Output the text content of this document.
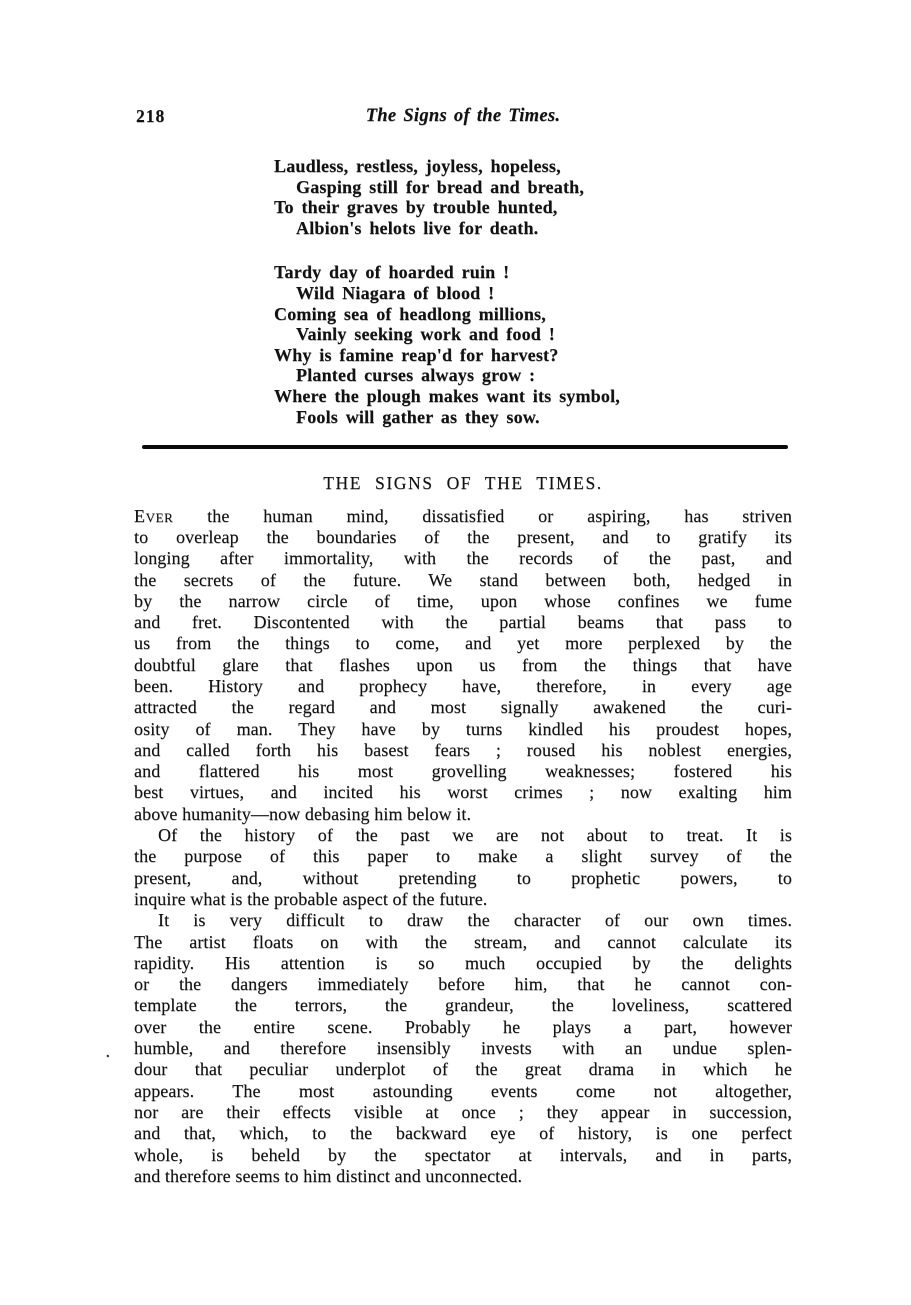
218	The Signs of the Times.
Laudless, restless, joyless, hopeless,
Gasping still for bread and breath,
To their graves by trouble hunted,
Albion's helots live for death.
Tardy day of hoarded ruin !
Wild Niagara of blood !
Coming sea of headlong millions,
Vainly seeking work and food !
Why is famine reap'd for harvest?
Planted curses always grow :
Where the plough makes want its symbol,
Fools will gather as they sow.
THE SIGNS OF THE TIMES.
Ever the human mind, dissatisfied or aspiring, has striven
to overleap the boundaries of the present, and to gratify its
longing after immortality, with the records of the past, and
the secrets of the future. We stand between both, hedged in
by the narrow circle of time, upon whose confines we fume
and fret. Discontented with the partial beams that pass to
us from the things to come, and yet more perplexed by the
doubtful glare that flashes upon us from the things that have
been. History and prophecy have, therefore, in every age
attracted the regard and most signally awakened the curi-
osity of man. They have by turns kindled his proudest hopes,
and called forth his basest fears ; roused his noblest energies,
and flattered his most grovelling weaknesses; fostered his
best virtues, and incited his worst crimes ; now exalting him
above humanity—now debasing him below it.
Of the history of the past we are not about to treat. It is
the purpose of this paper to make a slight survey of the
present, and, without pretending to prophetic powers, to
inquire what is the probable aspect of the future.
It is very difficult to draw the character of our own times.
The artist floats on with the stream, and cannot calculate its
rapidity. His attention is so much occupied by the delights
or the dangers immediately before him, that he cannot con-
template the terrors, the grandeur, the loveliness, scattered
over the entire scene. Probably he plays a part, however
humble, and therefore insensibly invests with an undue splen-
dour that peculiar underplot of the great drama in which he
appears. The most astounding events come not altogether,
nor are their effects visible at once ; they appear in succession,
and that, which, to the backward eye of history, is one perfect
whole, is beheld by the spectator at intervals, and in parts,
and therefore seems to him distinct and unconnected.
.
